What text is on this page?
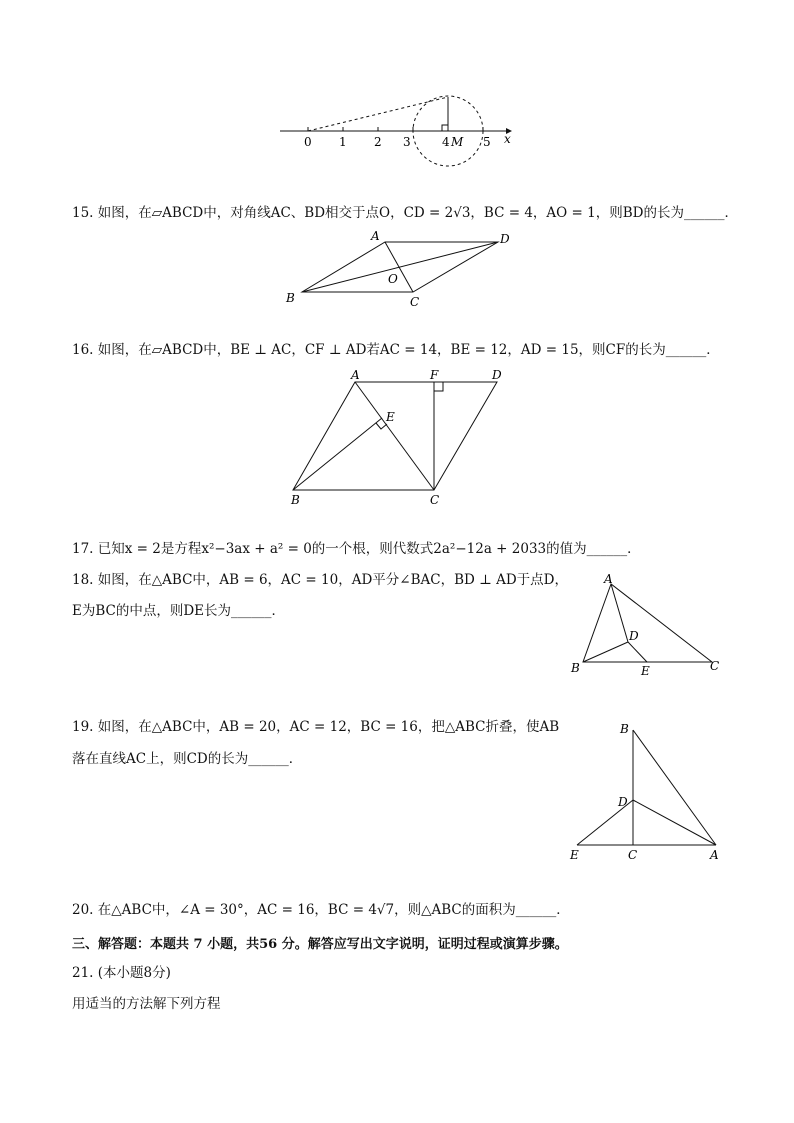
0 1 2 3	4 M 5 x
15. 如图，在▱ABCD中，对角线AC、BD相交于点O，CD = 2√3，BC = 4，AO = 1，则BD的长为______．
A	D
B	C
O
16. 如图，在▱ABCD中，BE ⊥ AC，CF ⊥ AD若AC = 14，BE = 12，AD = 15，则CF的长为______．
A	F	D
E
B	C
17. 已知x = 2是方程x²−3ax + a² = 0的一个根，则代数式2a²−12a + 2033的值为______．
18. 如图，在△ABC中，AB = 6，AC = 10，AD平分∠BAC，BD ⊥ AD于点D，
E为BC的中点，则DE长为______．
A
D
B	E	C
19. 如图，在△ABC中，AB = 20，AC = 12，BC = 16，把△ABC折叠，使AB
落在直线AC上，则CD的长为______．
B
D
E	C	A
20. 在△ABC中，∠A = 30°，AC = 16，BC = 4√7，则△ABC的面积为______．
三、解答题：本题共 7 小题，共56 分。解答应写出文字说明，证明过程或演算步骤。
21. (本小题8分)
用适当的方法解下列方程
